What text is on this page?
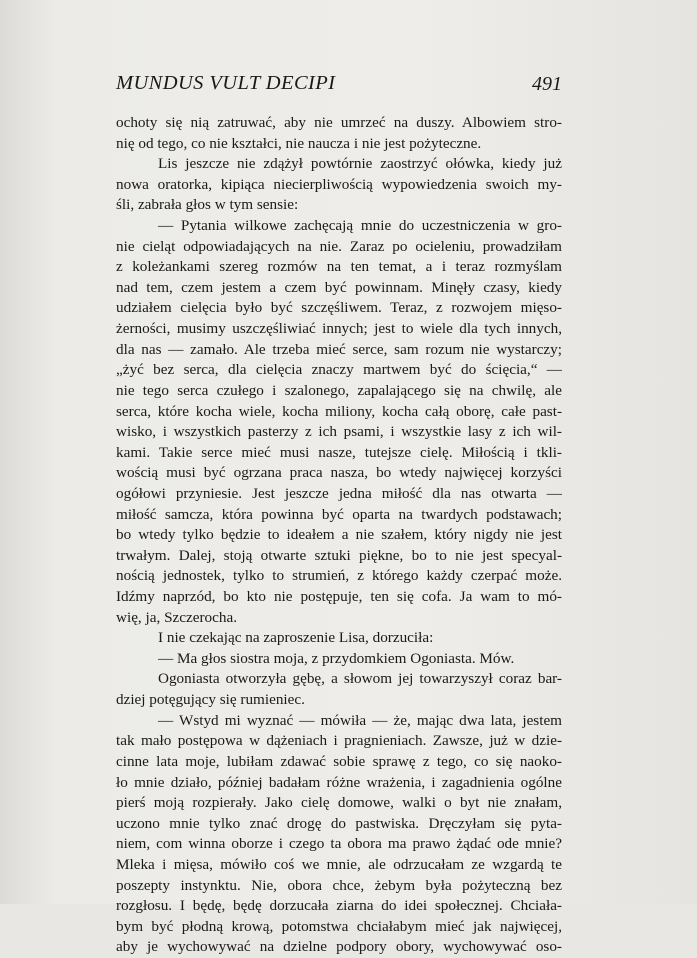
MUNDUS VULT DECIPI	491
ochoty się nią zatruwać, aby nie umrzeć na duszy. Albowiem stro-
nię od tego, co nie kształci, nie naucza i nie jest pożyteczne.
Lis jeszcze nie zdążył powtórnie zaostrzyć ołówka, kiedy już
nowa oratorka, kipiąca niecierpliwością wypowiedzenia swoich my-
śli, zabrała głos w tym sensie:
— Pytania wilkowe zachęcają mnie do uczestniczenia w gro-
nie cieląt odpowiadających na nie. Zaraz po ocieleniu, prowadziłam
z koleżankami szereg rozmów na ten temat, a i teraz rozmyślam
nad tem, czem jestem a czem być powinnam. Minęły czasy, kiedy
udziałem cielęcia było być szczęśliwem. Teraz, z rozwojem mięso-
żerności, musimy uszczęśliwiać innych; jest to wiele dla tych innych,
dla nas — zamało. Ale trzeba mieć serce, sam rozum nie wystarczy;
„żyć bez serca, dla cielęcia znaczy martwem być do ścięcia,“ —
nie tego serca czułego i szalonego, zapalającego się na chwilę, ale
serca, które kocha wiele, kocha miliony, kocha całą oborę, całe past-
wisko, i wszystkich pasterzy z ich psami, i wszystkie lasy z ich wil-
kami. Takie serce mieć musi nasze, tutejsze cielę. Miłością i tkli-
wością musi być ogrzana praca nasza, bo wtedy najwięcej korzyści
ogółowi przyniesie. Jest jeszcze jedna miłość dla nas otwarta —
miłość samcza, która powinna być oparta na twardych podstawach;
bo wtedy tylko będzie to ideałem a nie szałem, który nigdy nie jest
trwałym. Dalej, stoją otwarte sztuki piękne, bo to nie jest specyal-
nością jednostek, tylko to strumień, z którego każdy czerpać może.
Idźmy naprzód, bo kto nie postępuje, ten się cofa. Ja wam to mó-
wię, ja, Szczerocha.
I nie czekając na zaproszenie Lisa, dorzuciła:
— Ma głos siostra moja, z przydomkiem Ogoniasta. Mów.
Ogoniasta otworzyła gębę, a słowom jej towarzyszył coraz bar-
dziej potęgujący się rumieniec.
— Wstyd mi wyznać — mówiła — że, mając dwa lata, jestem
tak mało postępowa w dążeniach i pragnieniach. Zawsze, już w dzie-
cinne lata moje, lubiłam zdawać sobie sprawę z tego, co się naoko-
ło mnie działo, później badałam różne wrażenia, i zagadnienia ogólne
pierś moją rozpierały. Jako cielę domowe, walki o byt nie znałam,
uczono mnie tylko znać drogę do pastwiska. Dręczyłam się pyta-
niem, com winna oborze i czego ta obora ma prawo żądać ode mnie?
Mleka i mięsa, mówiło coś we mnie, ale odrzucałam ze wzgardą te
poszepty instynktu. Nie, obora chce, żebym była pożyteczną bez
rozgłosu. I będę, będę dorzucała ziarna do idei społecznej. Chciała-
bym być płodną krową, potomstwa chciałabym mieć jak najwięcej,
aby je wychowywać na dzielne podpory obory, wychowywać oso-
